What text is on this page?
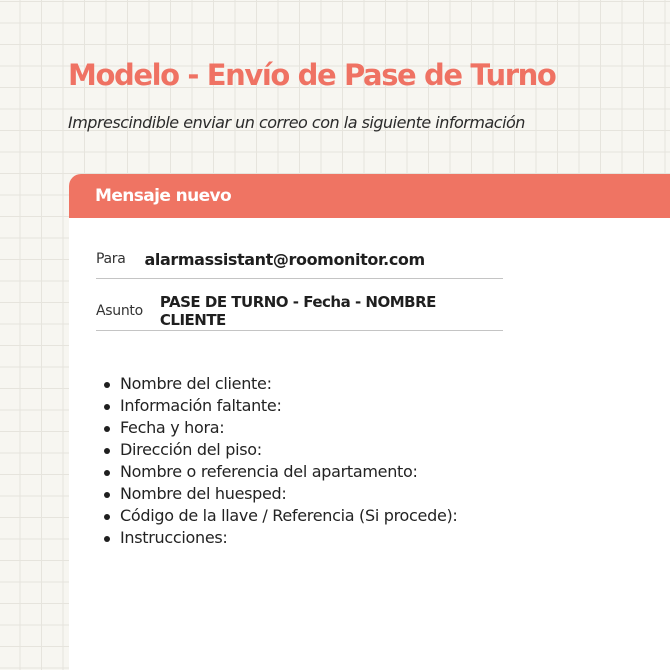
Modelo - Envío de Pase de Turno
Imprescindible enviar un correo con la siguiente información
Mensaje nuevo
Para alarmassistant@roomonitor.com
Asunto PASE DE TURNO - Fecha - NOMBRE CLIENTE
Nombre del cliente:
Información faltante:
Fecha y hora:
Dirección del piso:
Nombre o referencia del apartamento:
Nombre del huesped:
Código de la llave / Referencia (Si procede):
Instrucciones:
